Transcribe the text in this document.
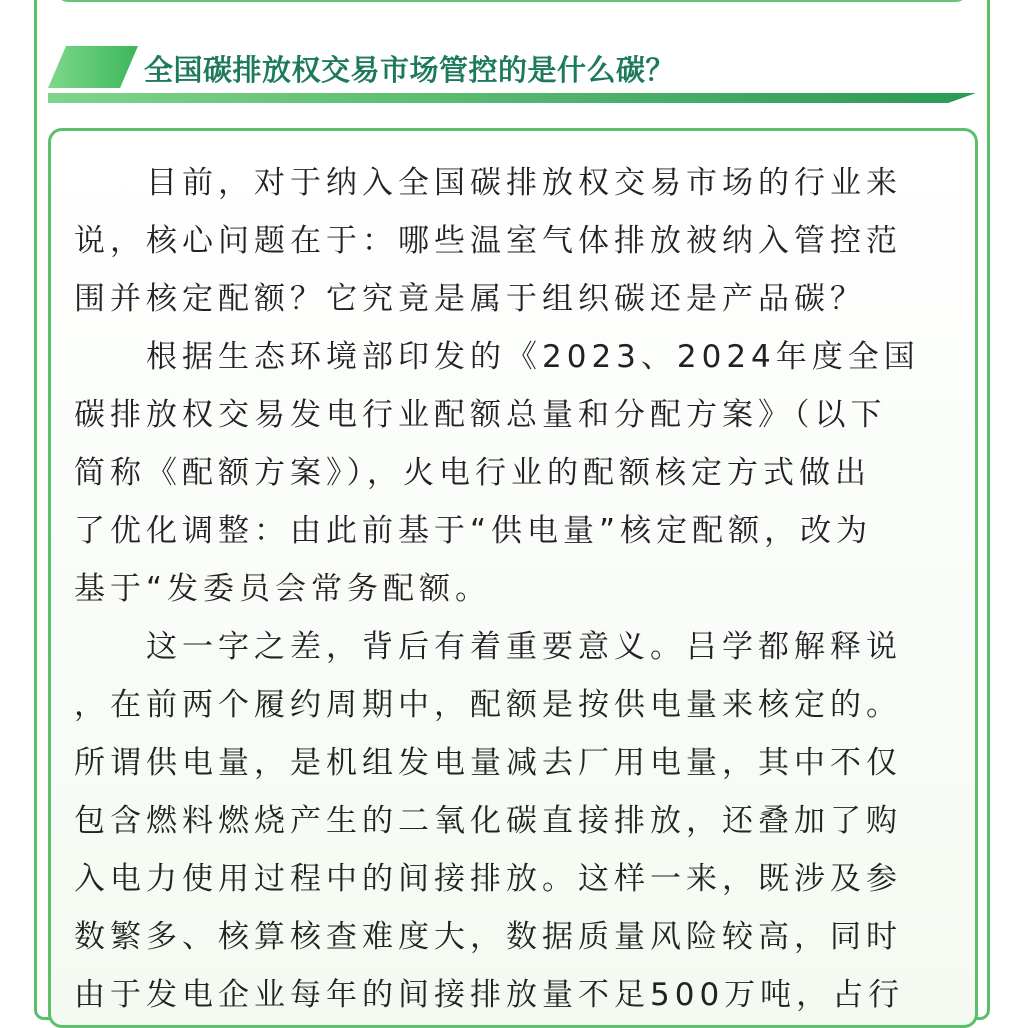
全国碳排放权交易市场管控的是什么碳？
　　目前，对于纳入全国碳排放权交易市场的行业来
说，核心问题在于：哪些温室气体排放被纳入管控范
围并核定配额？它究竟是属于组织碳还是产品碳？
　　根据生态环境部印发的《2023、2024年度全国
碳排放权交易发电行业配额总量和分配方案》（以下
简称《配额方案》），火电行业的配额核定方式做出
了优化调整：由此前基于“供电量”核定配额，改为
基于“发委员会常务配额。
　　这一字之差，背后有着重要意义。吕学都解释说
，在前两个履约周期中，配额是按供电量来核定的。
所谓供电量，是机组发电量减去厂用电量，其中不仅
包含燃料燃烧产生的二氧化碳直接排放，还叠加了购
入电力使用过程中的间接排放。这样一来，既涉及参
数繁多、核算核查难度大，数据质量风险较高，同时
由于发电企业每年的间接排放量不足500万吨，占行
